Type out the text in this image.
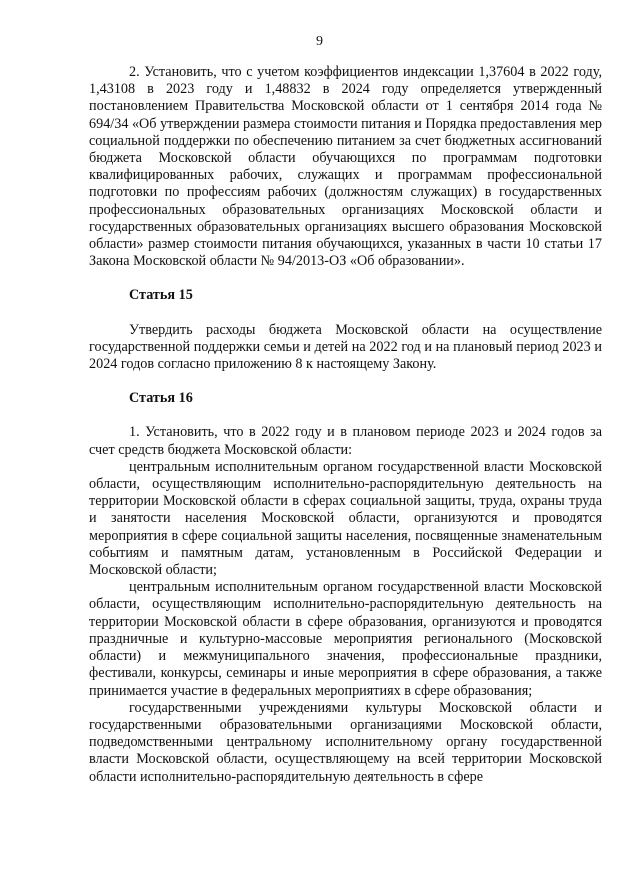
9

2. Установить, что с учетом коэффициентов индексации 1,37604 в 2022 году, 1,43108 в 2023 году и 1,48832 в 2024 году определяется утвержденный постановлением Правительства Московской области от 1 сентября 2014 года № 694/34 «Об утверждении размера стоимости питания и Порядка предоставления мер социальной поддержки по обеспечению питанием за счет бюджетных ассигнований бюджета Московской области обучающихся по программам подготовки квалифицированных рабочих, служащих и программам профессиональной подготовки по профессиям рабочих (должностям служащих) в государственных профессиональных образовательных организациях Московской области и государственных образовательных организациях высшего образования Московской области» размер стоимости питания обучающихся, указанных в части 10 статьи 17 Закона Московской области № 94/2013-ОЗ «Об образовании».

Статья 15

Утвердить расходы бюджета Московской области на осуществление государственной поддержки семьи и детей на 2022 год и на плановый период 2023 и 2024 годов согласно приложению 8 к настоящему Закону.

Статья 16

1. Установить, что в 2022 году и в плановом периоде 2023 и 2024 годов за счет средств бюджета Московской области:

центральным исполнительным органом государственной власти Московской области, осуществляющим исполнительно-распорядительную деятельность на территории Московской области в сферах социальной защиты, труда, охраны труда и занятости населения Московской области, организуются и проводятся мероприятия в сфере социальной защиты населения, посвященные знаменательным событиям и памятным датам, установленным в Российской Федерации и Московской области;

центральным исполнительным органом государственной власти Московской области, осуществляющим исполнительно-распорядительную деятельность на территории Московской области в сфере образования, организуются и проводятся праздничные и культурно-массовые мероприятия регионального (Московской области) и межмуниципального значения, профессиональные праздники, фестивали, конкурсы, семинары и иные мероприятия в сфере образования, а также принимается участие в федеральных мероприятиях в сфере образования;

государственными учреждениями культуры Московской области и государственными образовательными организациями Московской области, подведомственными центральному исполнительному органу государственной власти Московской области, осуществляющему на всей территории Московской области исполнительно-распорядительную деятельность в сфере
